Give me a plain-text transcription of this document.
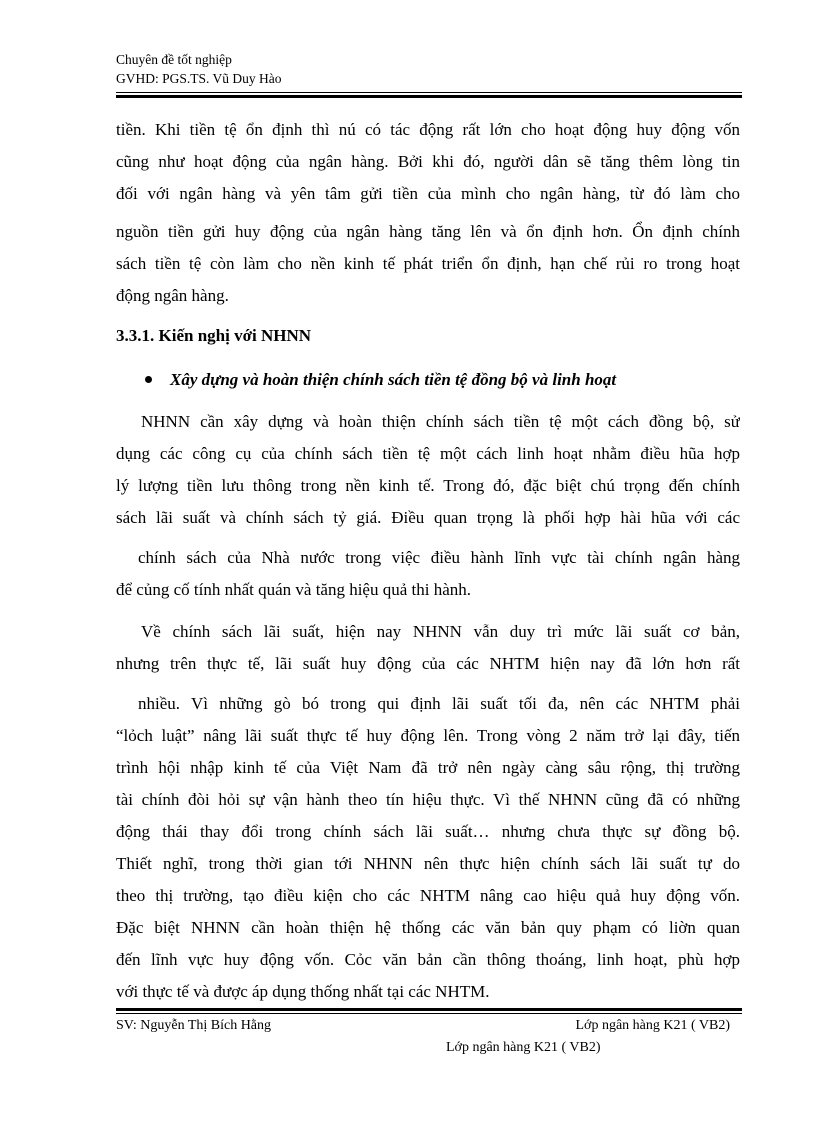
Chuyên đề tốt nghiệp
GVHD: PGS.TS. Vũ Duy Hào
tiền. Khi tiền tệ ổn định thì nú có tác động rất lớn cho hoạt động huy động vốn
cũng như hoạt động của ngân hàng. Bởi khi đó, người dân sẽ tăng thêm lòng tin
đối với ngân hàng và yên tâm gửi tiền của mình cho ngân hàng, từ đó làm cho
nguồn tiền gửi huy động của ngân hàng tăng lên và ổn định hơn. Ổn định chính
sách tiền tệ còn làm cho nền kinh tế phát triển ổn định, hạn chế rủi ro trong hoạt
động ngân hàng.
3.3.1. Kiến nghị với NHNN
Xây dựng và hoàn thiện chính sách tiền tệ đồng bộ và linh hoạt
NHNN cần xây dựng và hoàn thiện chính sách tiền tệ một cách đồng bộ, sử
dụng các công cụ của chính sách tiền tệ một cách linh hoạt nhằm điều hũa hợp
lý lượng tiền lưu thông trong nền kinh tế. Trong đó, đặc biệt chú trọng đến chính
sách lãi suất và chính sách tỷ giá. Điều quan trọng là phối hợp hài hũa với các
chính sách của Nhà nước trong việc điều hành lĩnh vực tài chính ngân hàng
để củng cố tính nhất quán và tăng hiệu quả thi hành.
Về chính sách lãi suất, hiện nay NHNN vẫn duy trì mức lãi suất cơ bản,
nhưng trên thực tế, lãi suất huy động của các NHTM hiện nay đã lớn hơn rất
nhiều. Vì những gò bó trong qui định lãi suất tối đa, nên các NHTM phải
“lỏch luật” nâng lãi suất thực tế huy động lên. Trong vòng 2 năm trở lại đây, tiến
trình hội nhập kinh tế của Việt Nam đã trở nên ngày càng sâu rộng, thị trường
tài chính đòi hỏi sự vận hành theo tín hiệu thực. Vì thế NHNN cũng đã có những
động thái thay đổi trong chính sách lãi suất… nhưng chưa thực sự đồng bộ.
Thiết nghĩ, trong thời gian tới NHNN nên thực hiện chính sách lãi suất tự do
theo thị trường, tạo điều kiện cho các NHTM nâng cao hiệu quả huy động vốn.
Đặc biệt NHNN cần hoàn thiện hệ thống các văn bản quy phạm có liờn quan
đến lĩnh vực huy động vốn. Cỏc văn bản cần thông thoáng, linh hoạt, phù hợp
với thực tế và được áp dụng thống nhất tại các NHTM.
SV: Nguyễn Thị Bích Hằng	Lớp ngân hàng K21 ( VB2)
Lớp ngân hàng K21 ( VB2)
